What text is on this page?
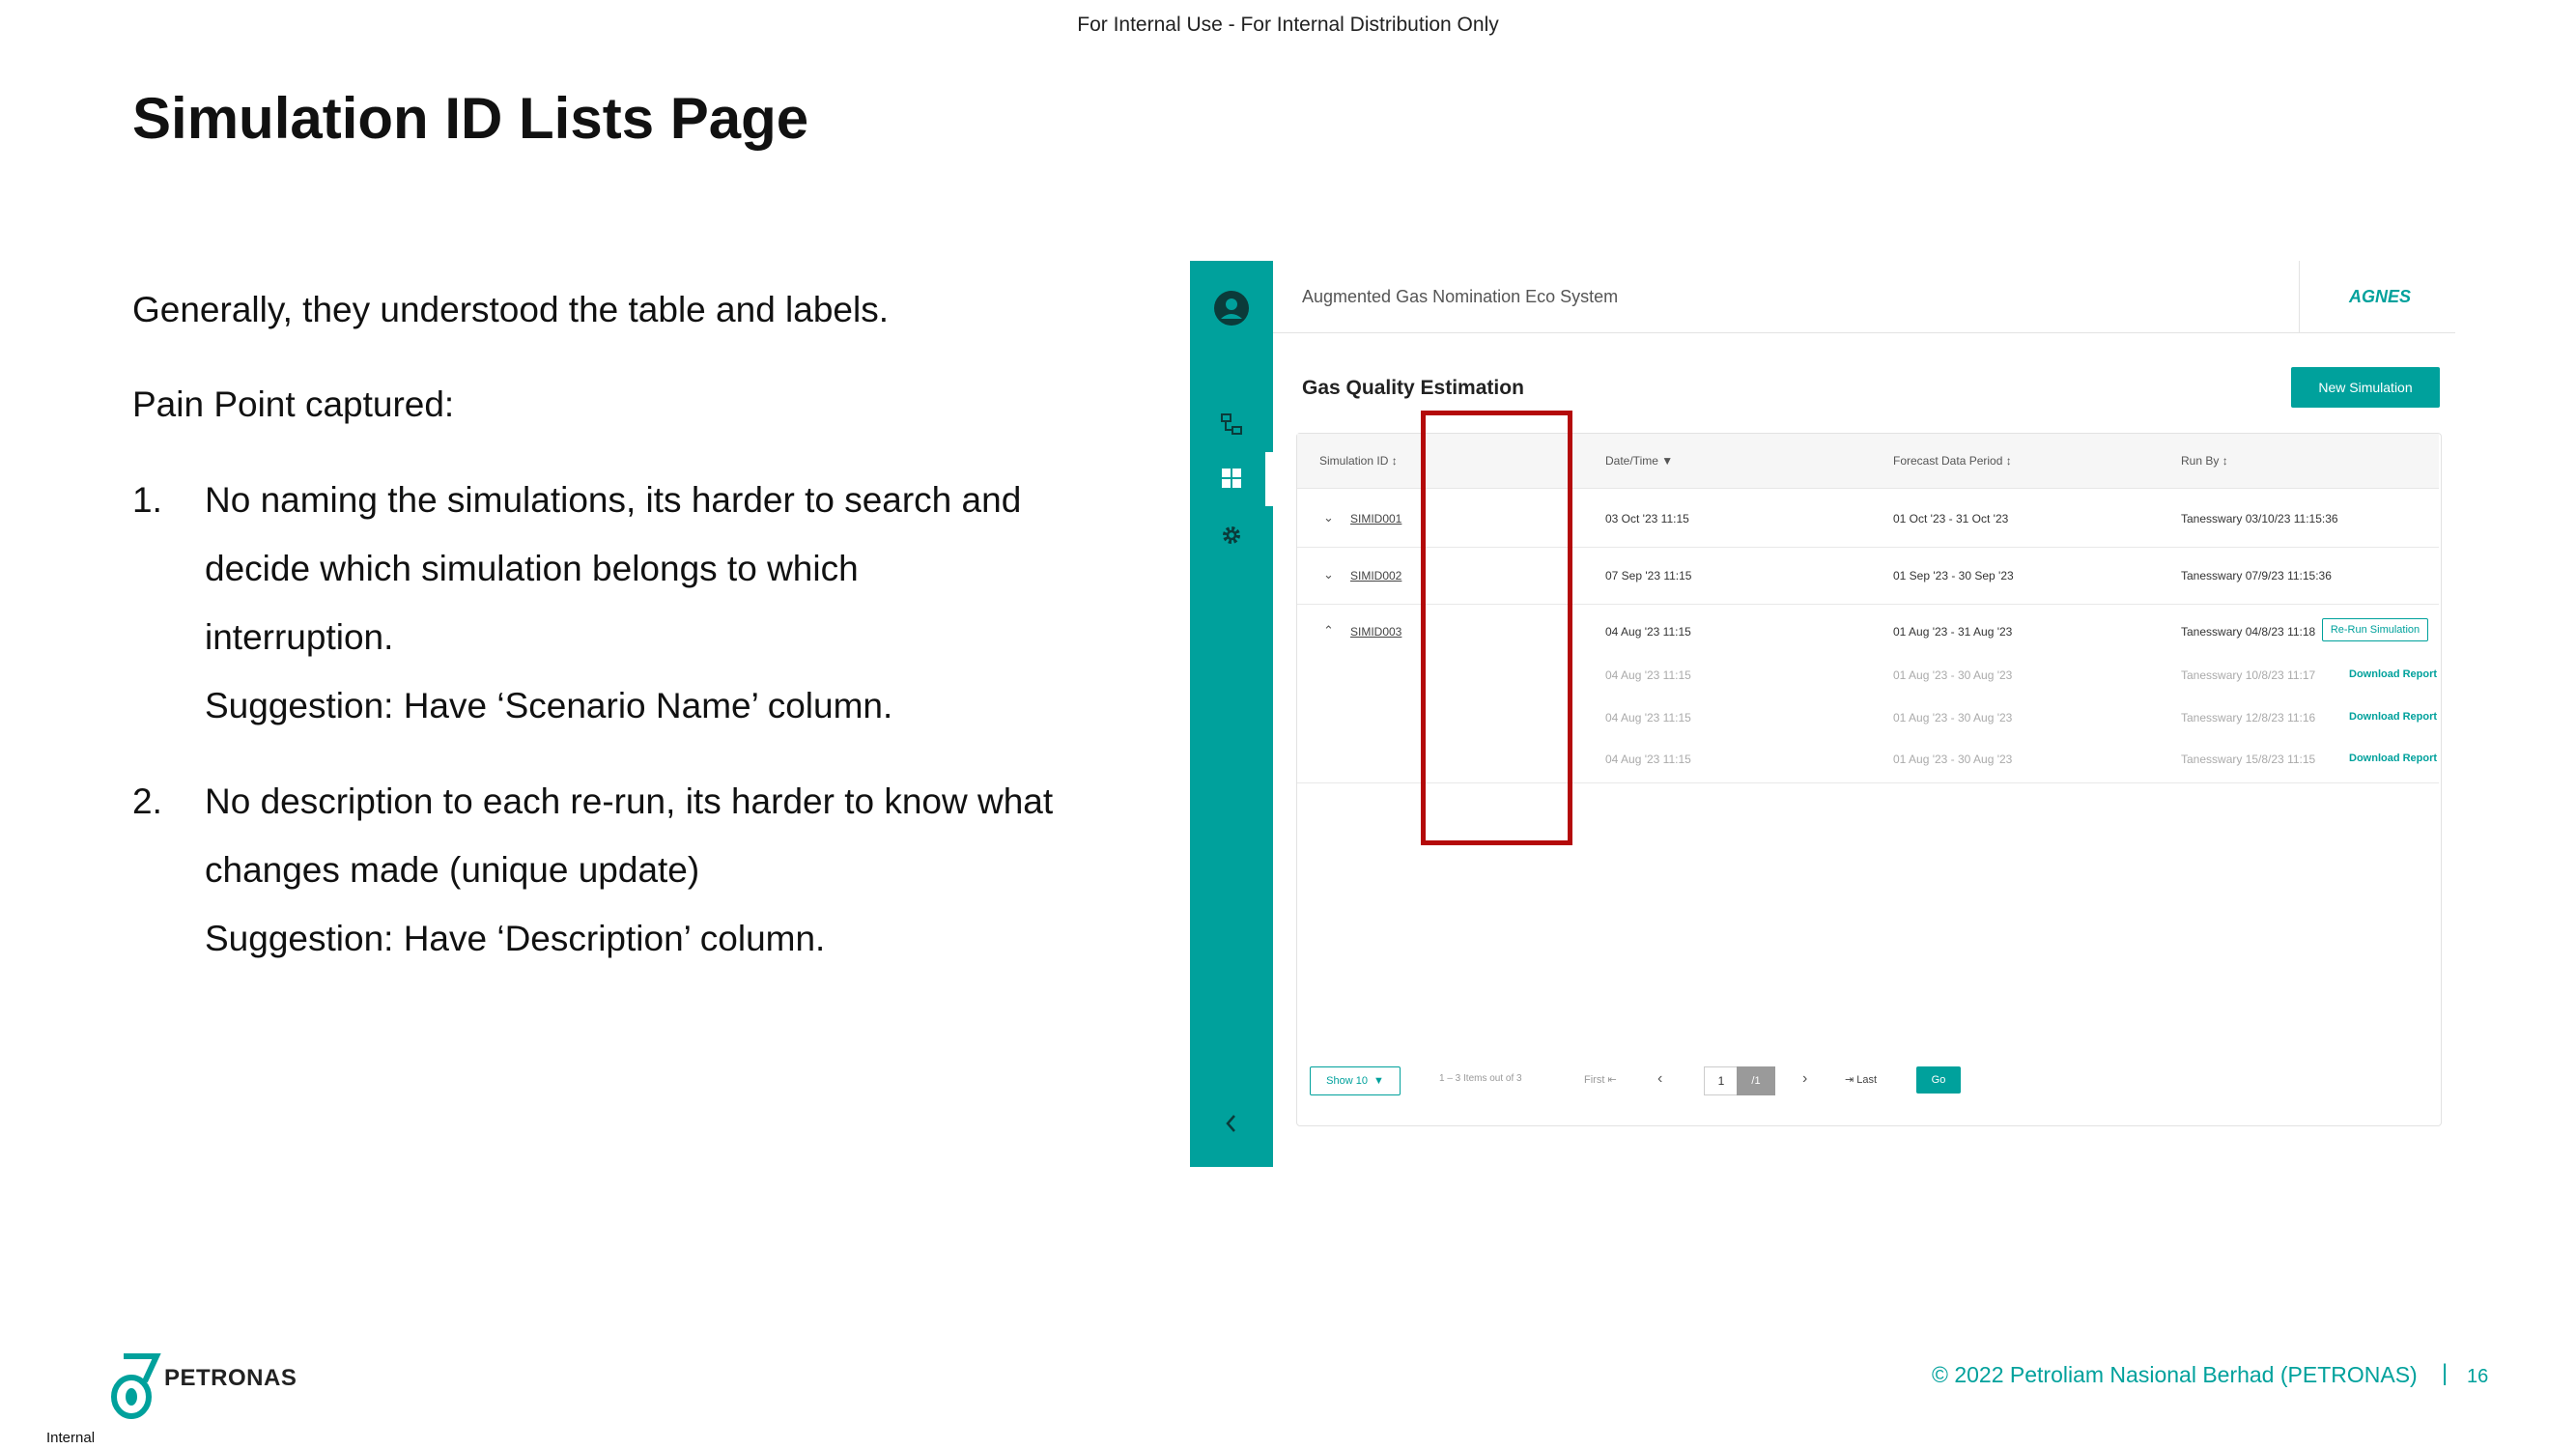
For Internal Use - For Internal Distribution Only
Simulation ID Lists Page
Generally, they understood the table and labels.
Pain Point captured:
1. No naming the simulations, its harder to search and
decide which simulation belongs to which
interruption.
Suggestion: Have ‘Scenario Name’ column.
2. No description to each re-run, its harder to know what
changes made (unique update)
Suggestion: Have ‘Description’ column.
Augmented Gas Nomination Eco System	AGNES
Gas Quality Estimation	New Simulation
Simulation ID ↕	Date/Time ▼	Forecast Data Period ↕	Run By ↕
⌄ SIMID001	03 Oct '23 11:15	01 Oct '23 - 31 Oct '23	Tanesswary 03/10/23 11:15:36
⌄ SIMID002	07 Sep '23 11:15	01 Sep '23 - 30 Sep '23	Tanesswary 07/9/23 11:15:36
⌃ SIMID003	04 Aug '23 11:15	01 Aug '23 - 31 Aug '23	Tanesswary 04/8/23 11:18	Re-Run Simulation
04 Aug '23 11:15	01 Aug '23 - 30 Aug '23	Tanesswary 10/8/23 11:17	Download Report
04 Aug '23 11:15	01 Aug '23 - 30 Aug '23	Tanesswary 12/8/23 11:16	Download Report
04 Aug '23 11:15	01 Aug '23 - 30 Aug '23	Tanesswary 15/8/23 11:15	Download Report
Show 10 ▼	1 – 3 Items out of 3	First ⇤	‹	1	/1	›	⇥ Last	Go
PETRONAS	© 2022 Petroliam Nasional Berhad (PETRONAS) | 16
Internal
